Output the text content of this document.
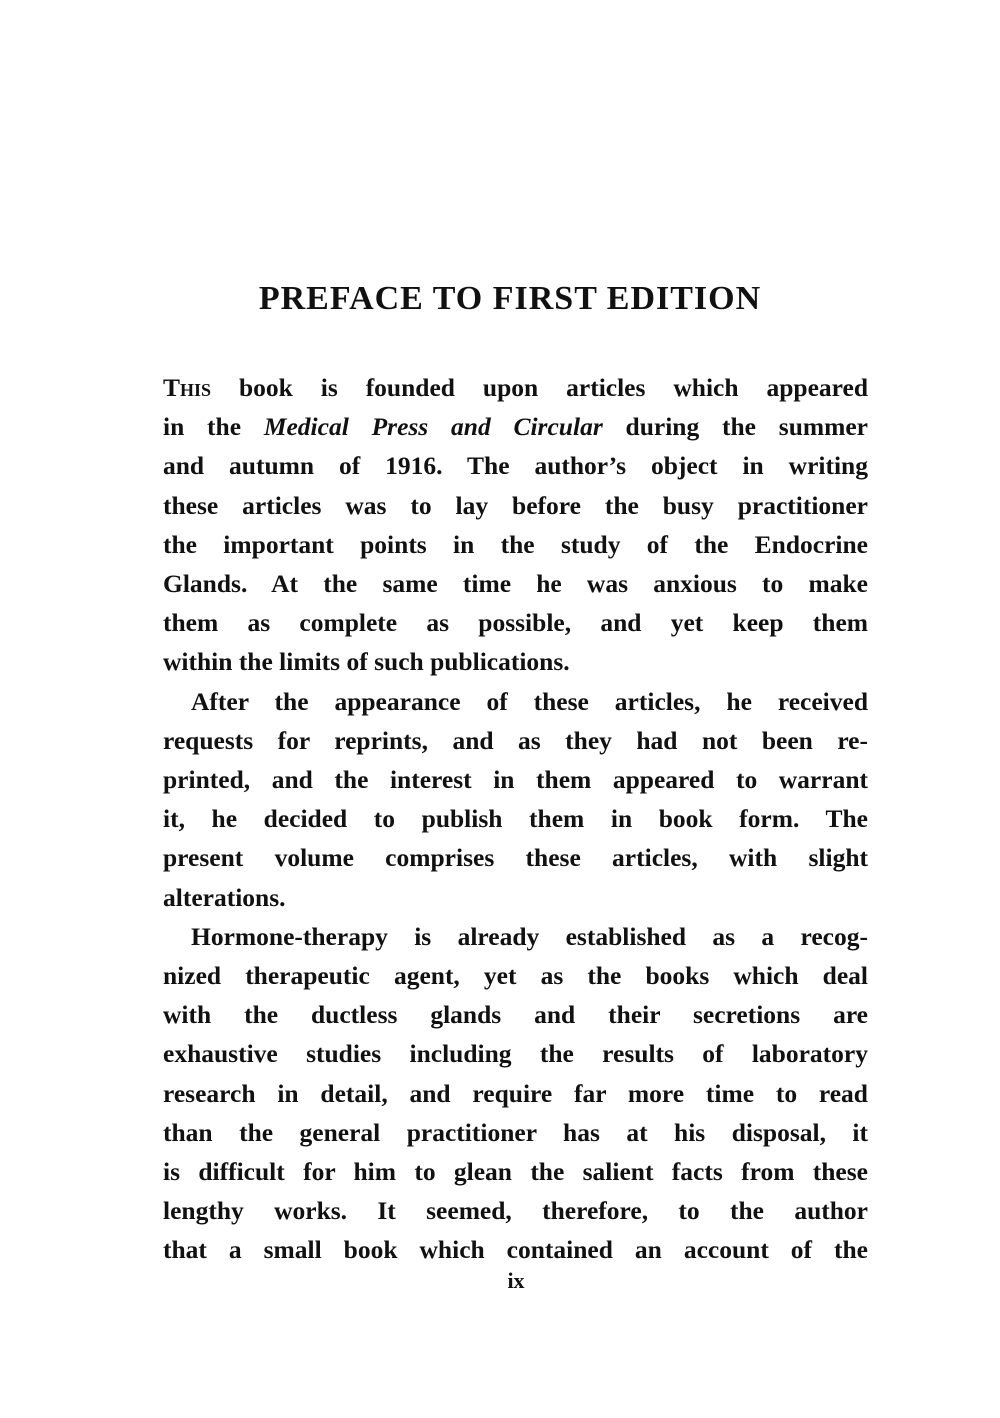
PREFACE TO FIRST EDITION
This book is founded upon articles which appeared
in the Medical Press and Circular during the summer
and autumn of 1916. The author’s object in writing
these articles was to lay before the busy practitioner
the important points in the study of the Endocrine
Glands. At the same time he was anxious to make
them as complete as possible, and yet keep them
within the limits of such publications.
After the appearance of these articles, he received
requests for reprints, and as they had not been re-
printed, and the interest in them appeared to warrant
it, he decided to publish them in book form. The
present volume comprises these articles, with slight
alterations.
Hormone-therapy is already established as a recog-
nized therapeutic agent, yet as the books which deal
with the ductless glands and their secretions are
exhaustive studies including the results of laboratory
research in detail, and require far more time to read
than the general practitioner has at his disposal, it
is difficult for him to glean the salient facts from these
lengthy works. It seemed, therefore, to the author
that a small book which contained an account of the
ix
